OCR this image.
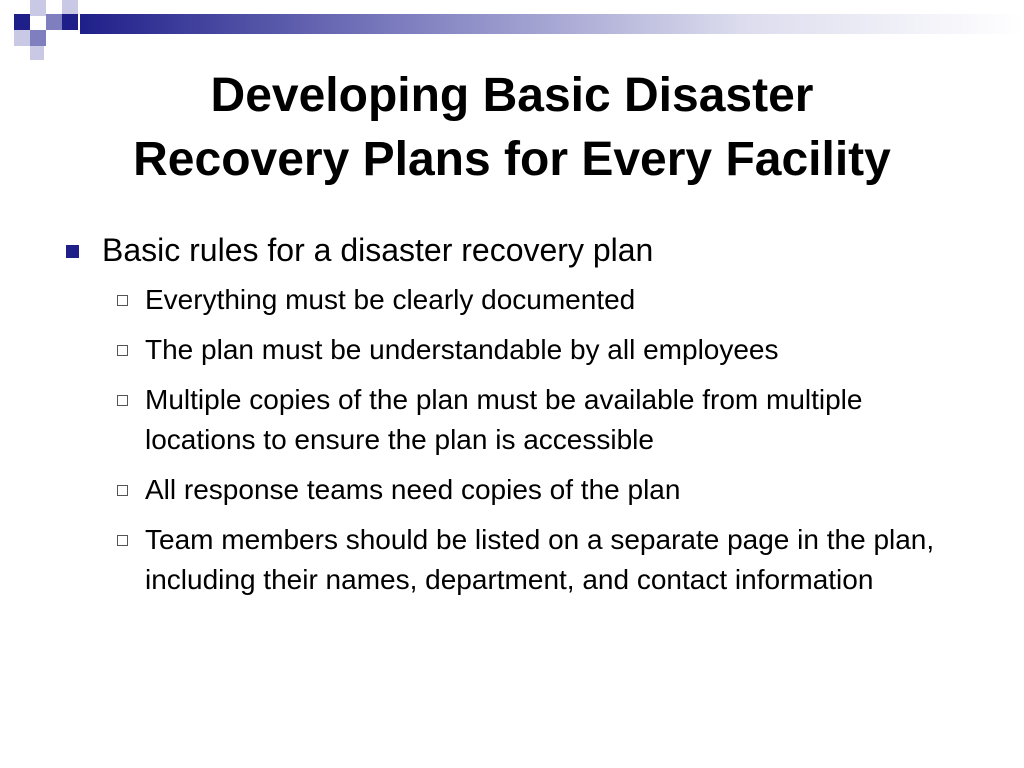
Developing Basic Disaster
Recovery Plans for Every Facility
Basic rules for a disaster recovery plan
Everything must be clearly documented
The plan must be understandable by all employees
Multiple copies of the plan must be available from multiple locations to ensure the plan is accessible
All response teams need copies of the plan
Team members should be listed on a separate page in the plan, including their names, department, and contact information
